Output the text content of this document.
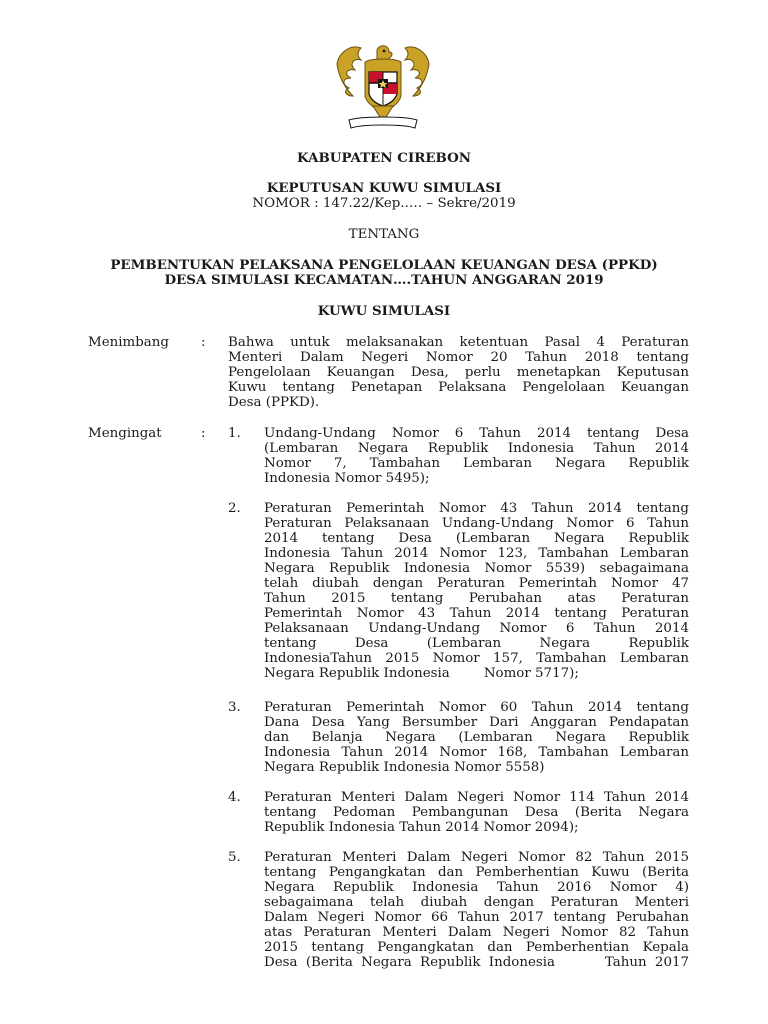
KABUPATEN CIREBON
KEPUTUSAN KUWU SIMULASI
NOMOR : 147.22/Kep..… – Sekre/2019
TENTANG
PEMBENTUKAN PELAKSANA PENGELOLAAN KEUANGAN DESA (PPKD)
DESA SIMULASI KECAMATAN….TAHUN ANGGARAN 2019
KUWU SIMULASI
Menimbang : Bahwa untuk melaksanakan ketentuan Pasal 4 Peraturan
Menteri Dalam Negeri Nomor 20 Tahun 2018 tentang
Pengelolaan Keuangan Desa, perlu menetapkan Keputusan
Kuwu tentang Penetapan Pelaksana Pengelolaan Keuangan
Desa (PPKD).
Mengingat	: 1. Undang-Undang Nomor 6 Tahun 2014 tentang Desa
(Lembaran Negara Republik Indonesia Tahun 2014
Nomor 7, Tambahan Lembaran Negara Republik
Indonesia Nomor 5495);
2. Peraturan Pemerintah Nomor 43 Tahun 2014 tentang
Peraturan Pelaksanaan Undang-Undang Nomor 6 Tahun
2014 tentang Desa (Lembaran Negara Republik
Indonesia Tahun 2014 Nomor 123, Tambahan Lembaran
Negara Republik Indonesia Nomor 5539) sebagaimana
telah diubah dengan Peraturan Pemerintah Nomor 47
Tahun 2015 tentang Perubahan atas Peraturan
Pemerintah Nomor 43 Tahun 2014 tentang Peraturan
Pelaksanaan Undang-Undang Nomor 6 Tahun 2014
tentang Desa (Lembaran Negara Republik
IndonesiaTahun 2015 Nomor 157, Tambahan Lembaran
Negara Republik Indonesia        Nomor 5717);
3. Peraturan Pemerintah Nomor 60 Tahun 2014 tentang
Dana Desa Yang Bersumber Dari Anggaran Pendapatan
dan Belanja Negara (Lembaran Negara Republik
Indonesia Tahun 2014 Nomor 168, Tambahan Lembaran
Negara Republik Indonesia Nomor 5558)
4. Peraturan Menteri Dalam Negeri Nomor 114 Tahun 2014
tentang Pedoman Pembangunan Desa (Berita Negara
Republik Indonesia Tahun 2014 Nomor 2094);
5. Peraturan Menteri Dalam Negeri Nomor 82 Tahun 2015
tentang Pengangkatan dan Pemberhentian Kuwu (Berita
Negara Republik Indonesia Tahun 2016 Nomor 4)
sebagaimana telah diubah dengan Peraturan Menteri
Dalam Negeri Nomor 66 Tahun 2017 tentang Perubahan
atas Peraturan Menteri Dalam Negeri Nomor 82 Tahun
2015 tentang Pengangkatan dan Pemberhentian Kepala
Desa (Berita Negara Republik Indonesia      Tahun 2017
